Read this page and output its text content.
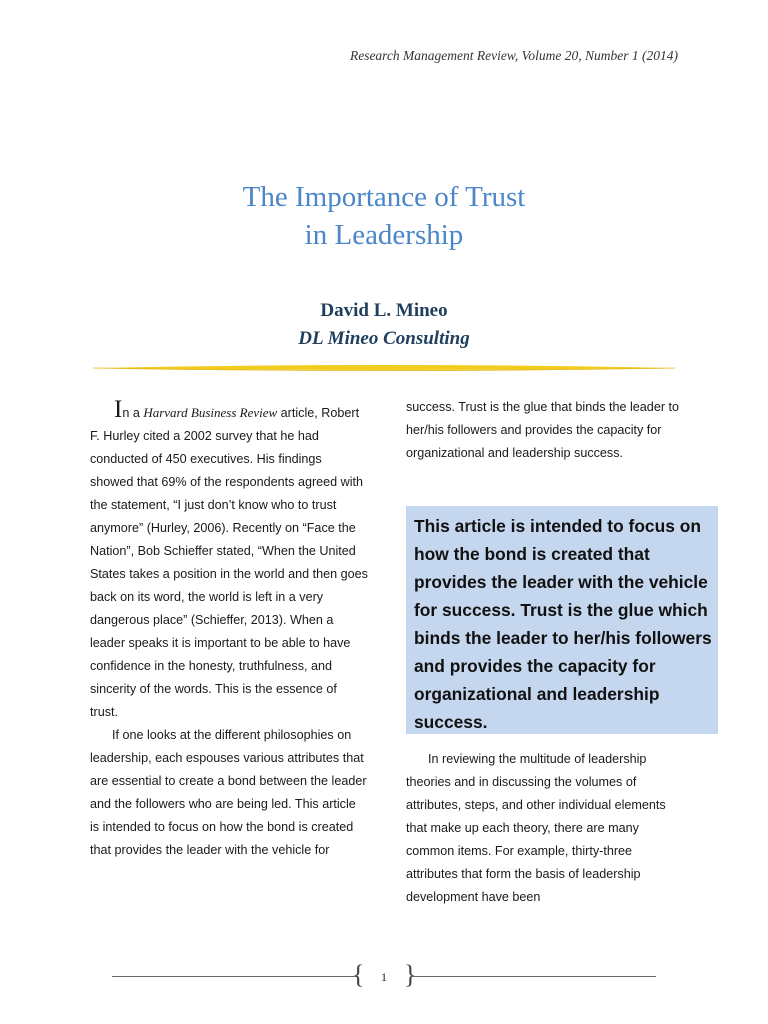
Research Management Review, Volume 20, Number 1 (2014)
The Importance of Trust
in Leadership
David L. Mineo
DL Mineo Consulting

In a Harvard Business Review article, Robert F. Hurley cited a 2002 survey that he had conducted of 450 executives. His findings showed that 69% of the respondents agreed with the statement, “I just don’t know who to trust anymore” (Hurley, 2006). Recently on “Face the Nation”, Bob Schieffer stated, “When the United States takes a position in the world and then goes back on its word, the world is left in a very dangerous place” (Schieffer, 2013). When a leader speaks it is important to be able to have confidence in the honesty, truthfulness, and sincerity of the words. This is the essence of trust.

If one looks at the different philosophies on leadership, each espouses various attributes that are essential to create a bond between the leader and the followers who are being led. This article is intended to focus on how the bond is created that provides the leader with the vehicle for

success. Trust is the glue that binds the leader to her/his followers and provides the capacity for organizational and leadership success.

This article is intended to focus on how the bond is created that provides the leader with the vehicle for success. Trust is the glue which binds the leader to her/his followers and provides the capacity for organizational and leadership success.

In reviewing the multitude of leadership theories and in discussing the volumes of attributes, steps, and other individual elements that make up each theory, there are many common items. For example, thirty-three attributes that form the basis of leadership development have been

{	1 }
